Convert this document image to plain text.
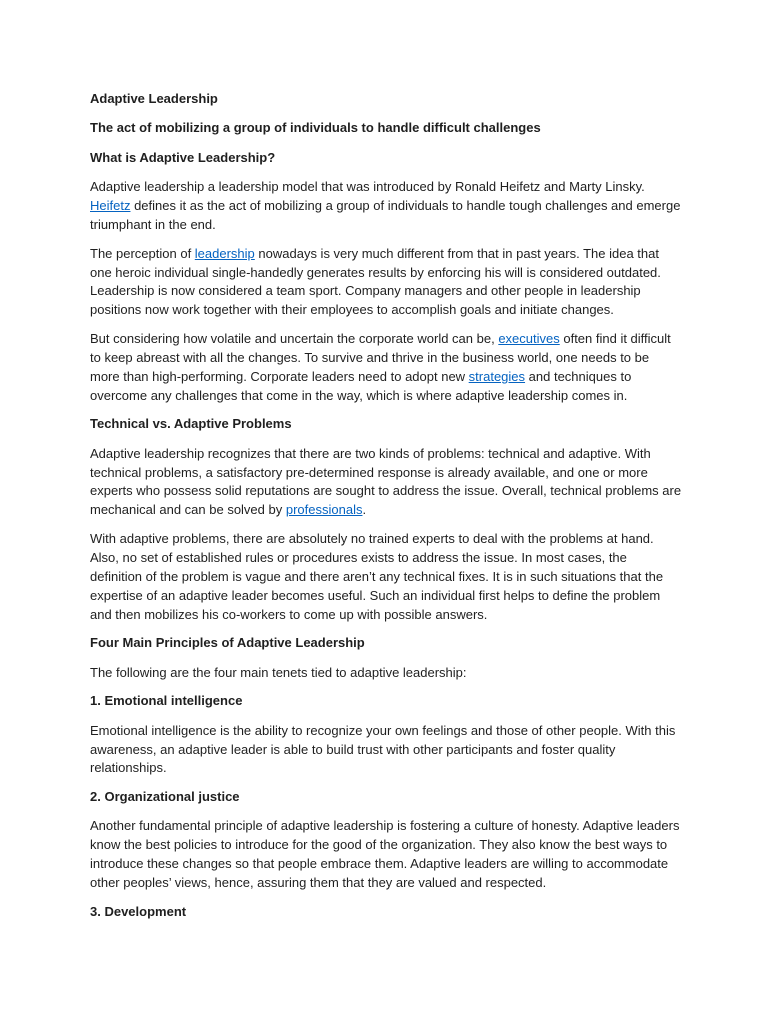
Adaptive Leadership

The act of mobilizing a group of individuals to handle difficult challenges

What is Adaptive Leadership?

Adaptive leadership a leadership model that was introduced by Ronald Heifetz and Marty Linsky. Heifetz defines it as the act of mobilizing a group of individuals to handle tough challenges and emerge triumphant in the end.

The perception of leadership nowadays is very much different from that in past years. The idea that one heroic individual single-handedly generates results by enforcing his will is considered outdated. Leadership is now considered a team sport. Company managers and other people in leadership positions now work together with their employees to accomplish goals and initiate changes.

But considering how volatile and uncertain the corporate world can be, executives often find it difficult to keep abreast with all the changes. To survive and thrive in the business world, one needs to be more than high-performing. Corporate leaders need to adopt new strategies and techniques to overcome any challenges that come in the way, which is where adaptive leadership comes in.

Technical vs. Adaptive Problems

Adaptive leadership recognizes that there are two kinds of problems: technical and adaptive. With technical problems, a satisfactory pre-determined response is already available, and one or more experts who possess solid reputations are sought to address the issue. Overall, technical problems are mechanical and can be solved by professionals.

With adaptive problems, there are absolutely no trained experts to deal with the problems at hand. Also, no set of established rules or procedures exists to address the issue. In most cases, the definition of the problem is vague and there aren’t any technical fixes. It is in such situations that the expertise of an adaptive leader becomes useful. Such an individual first helps to define the problem and then mobilizes his co-workers to come up with possible answers.

Four Main Principles of Adaptive Leadership

The following are the four main tenets tied to adaptive leadership:

1. Emotional intelligence

Emotional intelligence is the ability to recognize your own feelings and those of other people. With this awareness, an adaptive leader is able to build trust with other participants and foster quality relationships.

2. Organizational justice

Another fundamental principle of adaptive leadership is fostering a culture of honesty. Adaptive leaders know the best policies to introduce for the good of the organization. They also know the best ways to introduce these changes so that people embrace them. Adaptive leaders are willing to accommodate other peoples’ views, hence, assuring them that they are valued and respected.

3. Development
